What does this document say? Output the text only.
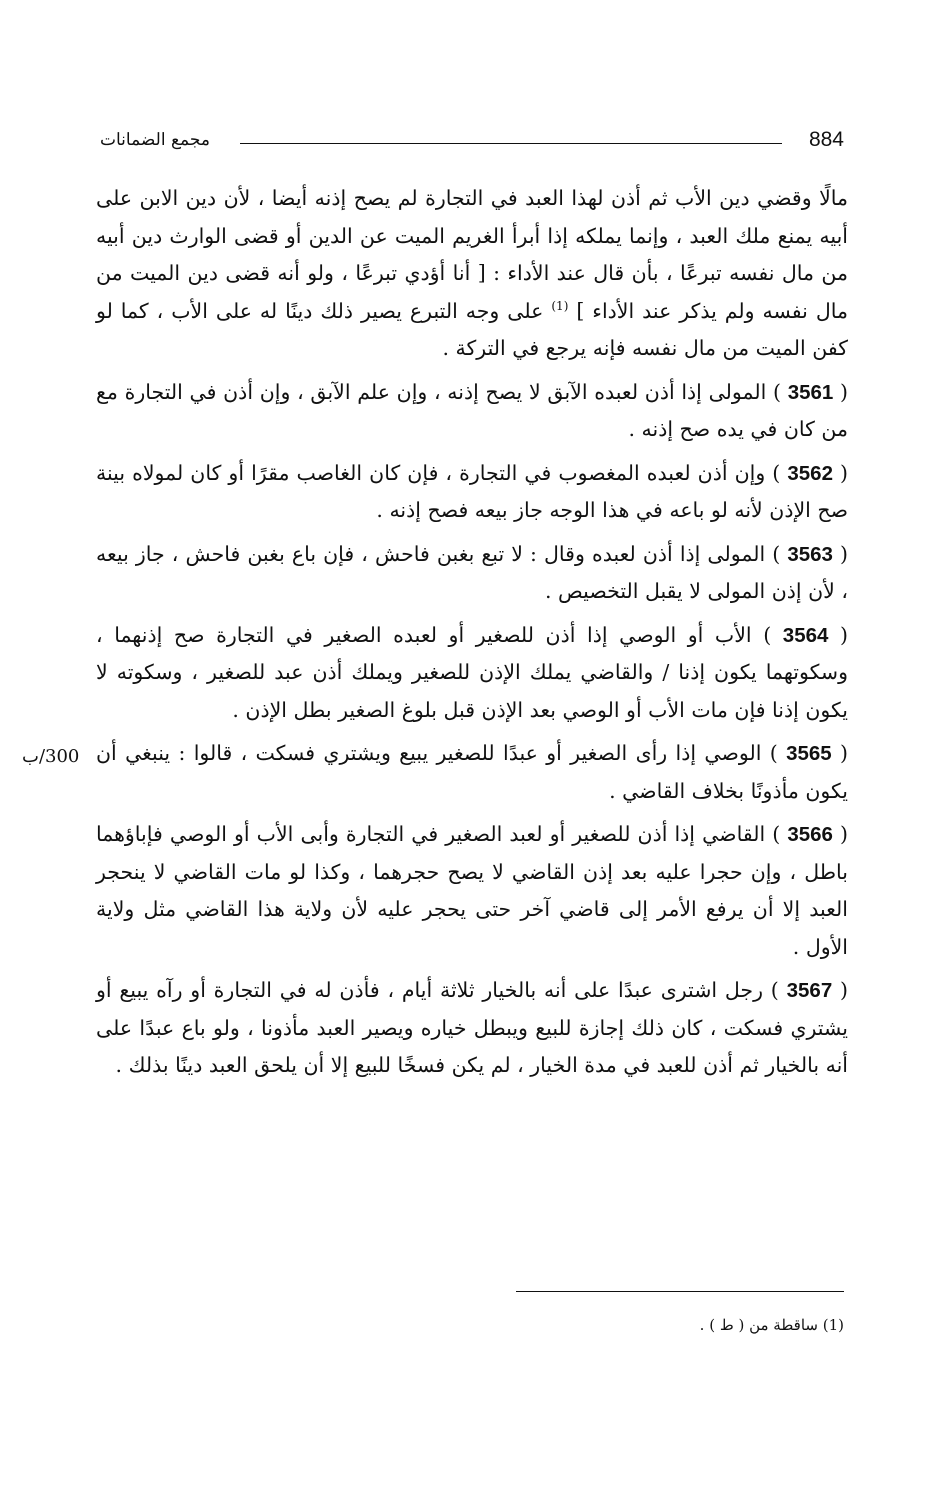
884
مجمع الضمانات

مالًا وقضي دين الأب ثم أذن لهذا العبد في التجارة لم يصح إذنه أيضا ، لأن دين الابن على أبيه يمنع ملك العبد ، وإنما يملكه إذا أبرأ الغريم الميت عن الدين أو قضى الوارث دين أبيه من مال نفسه تبرعًا ، بأن قال عند الأداء : [ أنا أؤدي تبرعًا ، ولو أنه قضى دين الميت من مال نفسه ولم يذكر عند الأداء ] $^{(1)}$ على وجه التبرع يصير ذلك دينًا له على الأب ، كما لو كفن الميت من مال نفسه فإنه يرجع في التركة .

( 3561 ) المولى إذا أذن لعبده الآبق لا يصح إذنه ، وإن علم الآبق ، وإن أذن في التجارة مع من كان في يده صح إذنه .

( 3562 ) وإن أذن لعبده المغصوب في التجارة ، فإن كان الغاصب مقرًا أو كان لمولاه بينة صح الإذن لأنه لو باعه في هذا الوجه جاز بيعه فصح إذنه .

( 3563 ) المولى إذا أذن لعبده وقال : لا تبع بغبن فاحش ، فإن باع بغبن فاحش ، جاز بيعه ، لأن إذن المولى لا يقبل التخصيص .

( 3564 ) الأب أو الوصي إذا أذن للصغير أو لعبده الصغير في التجارة صح إذنهما ، وسكوتهما يكون إذنا / والقاضي يملك الإذن للصغير ويملك أذن عبد للصغير ، وسكوته لا يكون إذنا فإن مات الأب أو الوصي بعد الإذن قبل بلوغ الصغير بطل الإذن .

( 3565 ) الوصي إذا رأى الصغير أو عبدًا للصغير يبيع ويشتري فسكت ، قالوا : ينبغي أن يكون مأذونًا بخلاف القاضي .

( 3566 ) القاضي إذا أذن للصغير أو لعبد الصغير في التجارة وأبى الأب أو الوصي فإباؤهما باطل ، وإن حجرا عليه بعد إذن القاضي لا يصح حجرهما ، وكذا لو مات القاضي لا ينحجر العبد إلا أن يرفع الأمر إلى قاضي آخر حتى يحجر عليه لأن ولاية هذا القاضي مثل ولاية الأول .

( 3567 ) رجل اشترى عبدًا على أنه بالخيار ثلاثة أيام ، فأذن له في التجارة أو رآه يبيع أو يشتري فسكت ، كان ذلك إجازة للبيع ويبطل خياره ويصير العبد مأذونا ، ولو باع عبدًا على أنه بالخيار ثم أذن للعبد في مدة الخيار ، لم يكن فسخًا للبيع إلا أن يلحق العبد دينًا بذلك .

300/ب
(1) ساقطة من ( ط ) .
